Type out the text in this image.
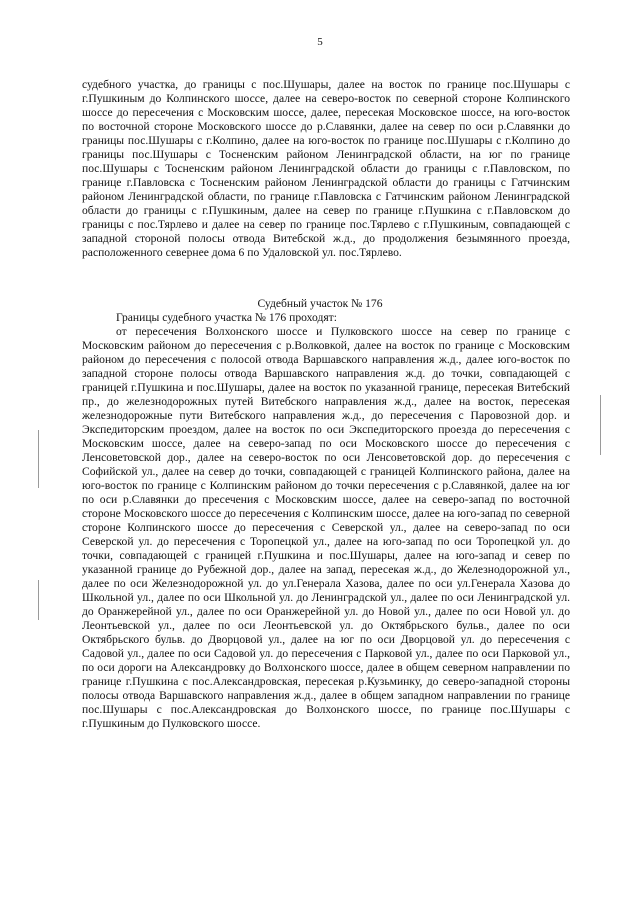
5
судебного участка, до границы с пос.Шушары, далее на восток по границе пос.Шушары с г.Пушкиным до Колпинского шоссе, далее на северо-восток по северной стороне Колпинского шоссе до пересечения с Московским шоссе, далее, пересекая Московское шоссе, на юго-восток по восточной стороне Московского шоссе до р.Славянки, далее на север по оси р.Славянки до границы пос.Шушары с г.Колпино, далее на юго-восток по границе пос.Шушары с г.Колпино до границы пос.Шушары с Тосненским районом Ленинградской области, на юг по границе пос.Шушары с Тосненским районом Ленинградской области до границы с г.Павловском, по границе г.Павловска с Тосненским районом Ленинградской области до границы с Гатчинским районом Ленинградской области, по границе г.Павловска с Гатчинским районом Ленинградской области до границы с г.Пушкиным, далее на север по границе г.Пушкина с г.Павловском до границы с пос.Тярлево и далее на север по границе пос.Тярлево с г.Пушкиным, совпадающей с западной стороной полосы отвода Витебской ж.д., до продолжения безымянного проезда, расположенного севернее дома 6 по Удаловской ул. пос.Тярлево.
Судебный участок № 176
Границы судебного участка № 176 проходят:
от пересечения Волхонского шоссе и Пулковского шоссе на север по границе с Московским районом до пересечения с р.Волковкой, далее на восток по границе с Московским районом до пересечения с полосой отвода Варшавского направления ж.д., далее юго-восток по западной стороне полосы отвода Варшавского направления ж.д. до точки, совпадающей с границей г.Пушкина и пос.Шушары, далее на восток по указанной границе, пересекая Витебский пр., до железнодорожных путей Витебского направления ж.д., далее на восток, пересекая железнодорожные пути Витебского направления ж.д., до пересечения с Паровозной дор. и Экспедиторским проездом, далее на восток по оси Экспедиторского проезда до пересечения с Московским шоссе, далее на северо-запад по оси Московского шоссе до пересечения с Ленсоветовской дор., далее на северо-восток по оси Ленсоветовской дор. до пересечения с Софийской ул., далее на север до точки, совпадающей с границей Колпинского района, далее на юго-восток по границе с Колпинским районом до точки пересечения с р.Славянкой, далее на юг по оси р.Славянки до пресечения с Московским шоссе, далее на северо-запад по восточной стороне Московского шоссе до пересечения с Колпинским шоссе, далее на юго-запад по северной стороне Колпинского шоссе до пересечения с Северской ул., далее на северо-запад по оси Северской ул. до пересечения с Торопецкой ул., далее на юго-запад по оси Торопецкой ул. до точки, совпадающей с границей г.Пушкина и пос.Шушары, далее на юго-запад и север по указанной границе до Рубежной дор., далее на запад, пересекая ж.д., до Железнодорожной ул., далее по оси Железнодорожной ул. до ул.Генерала Хазова, далее по оси ул.Генерала Хазова до Школьной ул., далее по оси Школьной ул. до Ленинградской ул., далее по оси Ленинградской ул. до Оранжерейной ул., далее по оси Оранжерейной ул. до Новой ул., далее по оси Новой ул. до Леонтьевской ул., далее по оси Леонтьевской ул. до Октябрьского бульв., далее по оси Октябрьского бульв. до Дворцовой ул., далее на юг по оси Дворцовой ул. до пересечения с Садовой ул., далее по оси Садовой ул. до пересечения с Парковой ул., далее по оси Парковой ул., по оси дороги на Александровку до Волхонского шоссе, далее в общем северном направлении по границе г.Пушкина с пос.Александровская, пересекая р.Кузьминку, до северо-западной стороны полосы отвода Варшавского направления ж.д., далее в общем западном направлении по границе пос.Шушары с пос.Александровская до Волхонского шоссе, по границе пос.Шушары с г.Пушкиным до Пулковского шоссе.
